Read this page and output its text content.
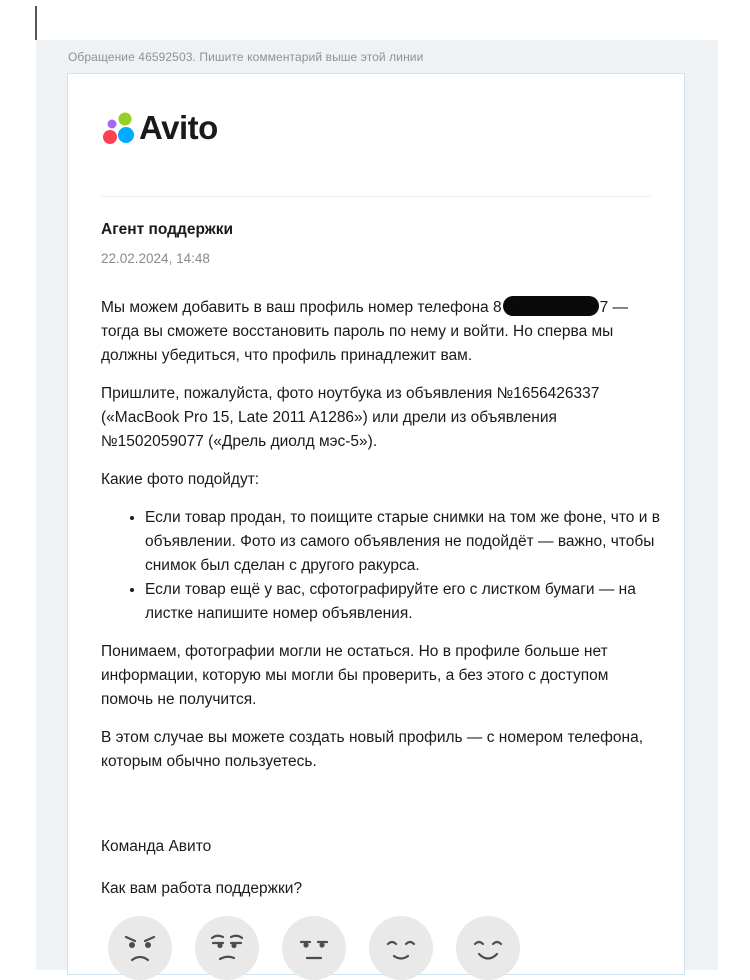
Обращение 46592503. Пишите комментарий выше этой линии
Avito
Агент поддержки
22.02.2024, 14:48

Мы можем добавить в ваш профиль номер телефона 8	7 — тогда вы сможете восстановить пароль по нему и войти. Но сперва мы должны убедиться, что профиль принадлежит вам.

Пришлите, пожалуйста, фото ноутбука из объявления №1656426337 («MacBook Pro 15, Late 2011 A1286») или дрели из объявления №1502059077 («Дрель диолд мэс-5»).

Какие фото подойдут:

• Если товар продан, то поищите старые снимки на том же фоне, что и в объявлении. Фото из самого объявления не подойдёт — важно, чтобы снимок был сделан с другого ракурса.
• Если товар ещё у вас, сфотографируйте его с листком бумаги — на листке напишите номер объявления.

Понимаем, фотографии могли не остаться. Но в профиле больше нет информации, которую мы могли бы проверить, а без этого с доступом помочь не получится.

В этом случае вы можете создать новый профиль — с номером телефона, которым обычно пользуетесь.

Команда Авито
Как вам работа поддержки?
